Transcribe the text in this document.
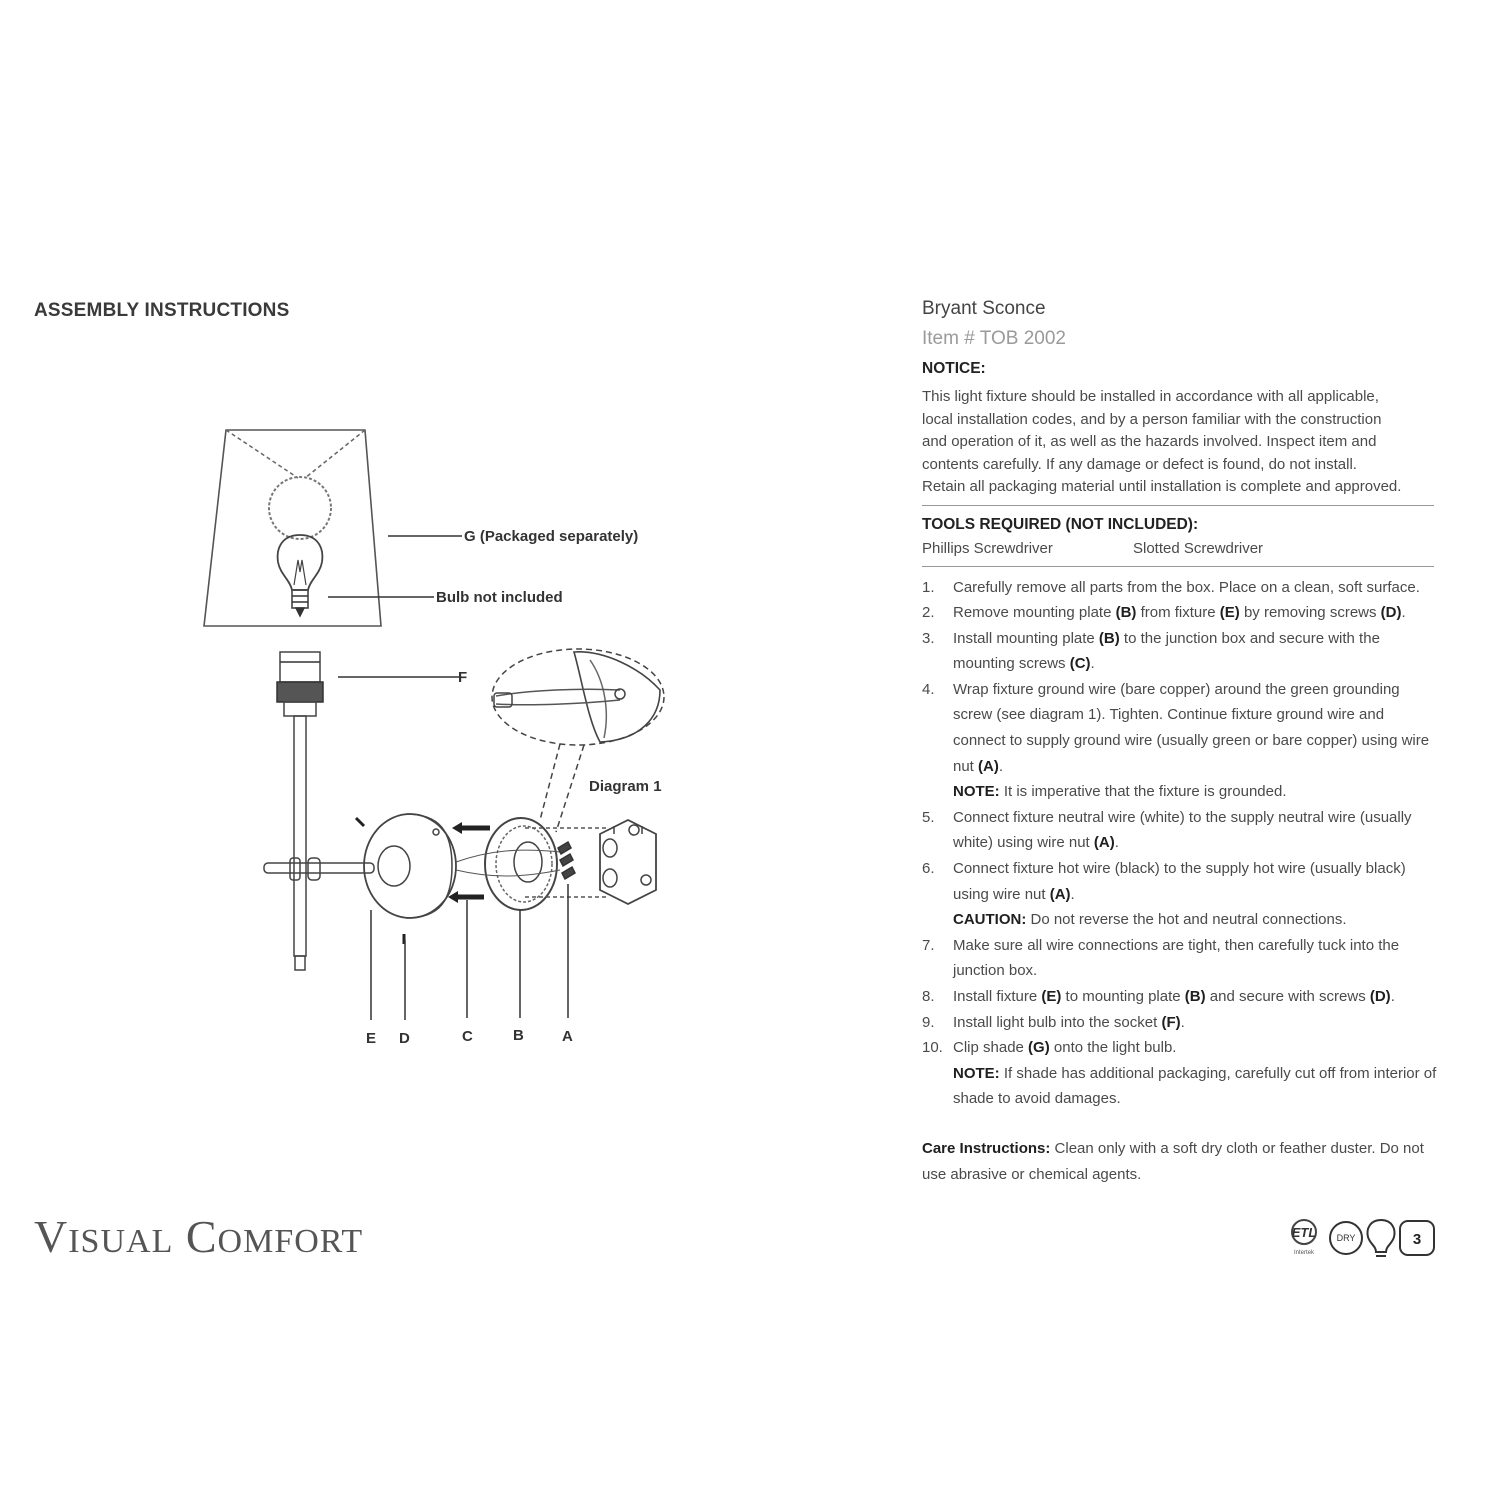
ASSEMBLY INSTRUCTIONS
G (Packaged separately)
Bulb not included
F
Diagram 1
E D	C	B	A
VISUAL COMFORT
Bryant Sconce
Item # TOB 2002
NOTICE:
This light fixture should be installed in accordance with all applicable,
local installation codes, and by a person familiar with the construction
and operation of it, as well as the hazards involved. Inspect item and
contents carefully. If any damage or defect is found, do not install.
Retain all packaging material until installation is complete and approved.
TOOLS REQUIRED (NOT INCLUDED):
Phillips Screwdriver	Slotted Screwdriver
1.	Carefully remove all parts from the box. Place on a clean, soft surface.
2.	Remove mounting plate (B) from fixture (E) by removing screws (D).
3.	Install mounting plate (B) to the junction box and secure with the mounting screws (C).
4.	Wrap fixture ground wire (bare copper) around the green grounding screw (see diagram 1). Tighten. Continue fixture ground wire and connect to supply ground wire (usually green or bare copper) using wire nut (A).
NOTE: It is imperative that the fixture is grounded.
5.	Connect fixture neutral wire (white) to the supply neutral wire (usually white) using wire nut (A).
6.	Connect fixture hot wire (black) to the supply hot wire (usually black) using wire nut (A).
CAUTION: Do not reverse the hot and neutral connections.
7.	Make sure all wire connections are tight, then carefully tuck into the junction box.
8.	Install fixture (E) to mounting plate (B) and secure with screws (D).
9.	Install light bulb into the socket (F).
10. Clip shade (G) onto the light bulb.
NOTE: If shade has additional packaging, carefully cut off from interior of shade to avoid damages.
Care Instructions: Clean only with a soft dry cloth or feather duster. Do not use abrasive or chemical agents.
ETL
Intertek
DRY	3
